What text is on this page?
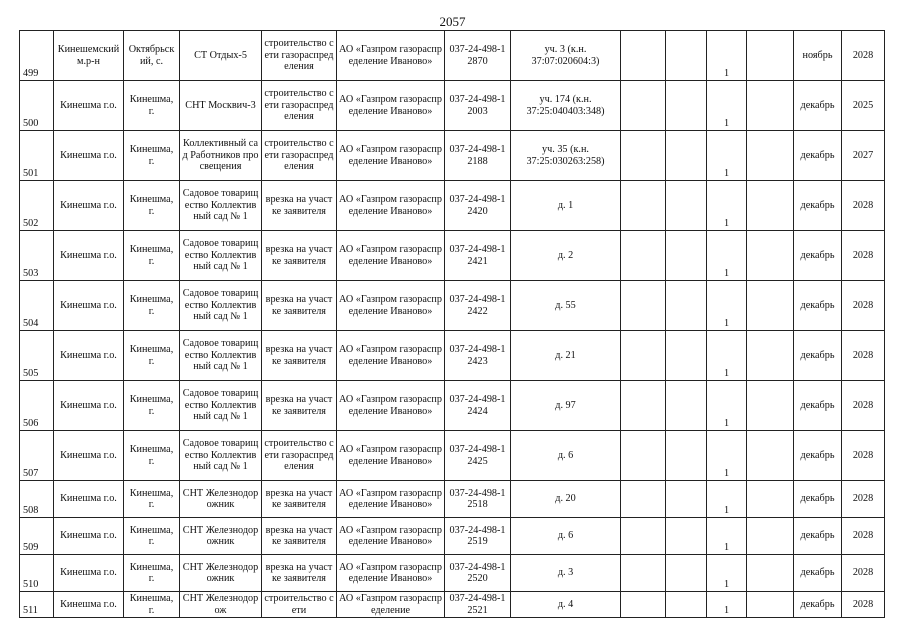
2057
499	Кинешемский м.р-н	Октябрьский, с.	СТ Отдых-5	строительство сети газораспределения	АО «Газпром газораспределение Иваново»	037-24-498-12870	уч. 3 (к.н. 37:07:020604:3)			1		ноябрь	2028
500	Кинешма г.о.	Кинешма, г.	СНТ Москвич-3	строительство сети газораспределения	АО «Газпром газораспределение Иваново»	037-24-498-12003	уч. 174 (к.н. 37:25:040403:348)			1		декабрь	2025
501	Кинешма г.о.	Кинешма, г.	Коллективный сад Работников просвещения	строительство сети газораспределения	АО «Газпром газораспределение Иваново»	037-24-498-12188	уч. 35 (к.н. 37:25:030263:258)			1		декабрь	2027
502	Кинешма г.о.	Кинешма, г.	Садовое товарищество Коллективный сад № 1	врезка на участке заявителя	АО «Газпром газораспределение Иваново»	037-24-498-12420	д. 1			1		декабрь	2028
503	Кинешма г.о.	Кинешма, г.	Садовое товарищество Коллективный сад № 1	врезка на участке заявителя	АО «Газпром газораспределение Иваново»	037-24-498-12421	д. 2			1		декабрь	2028
504	Кинешма г.о.	Кинешма, г.	Садовое товарищество Коллективный сад № 1	врезка на участке заявителя	АО «Газпром газораспределение Иваново»	037-24-498-12422	д. 55			1		декабрь	2028
505	Кинешма г.о.	Кинешма, г.	Садовое товарищество Коллективный сад № 1	врезка на участке заявителя	АО «Газпром газораспределение Иваново»	037-24-498-12423	д. 21			1		декабрь	2028
506	Кинешма г.о.	Кинешма, г.	Садовое товарищество Коллективный сад № 1	врезка на участке заявителя	АО «Газпром газораспределение Иваново»	037-24-498-12424	д. 97			1		декабрь	2028
507	Кинешма г.о.	Кинешма, г.	Садовое товарищество Коллективный сад № 1	строительство сети газораспределения	АО «Газпром газораспределение Иваново»	037-24-498-12425	д. 6			1		декабрь	2028
508	Кинешма г.о.	Кинешма, г.	СНТ Железнодорожник	врезка на участке заявителя	АО «Газпром газораспределение Иваново»	037-24-498-12518	д. 20			1		декабрь	2028
509	Кинешма г.о.	Кинешма, г.	СНТ Железнодорожник	врезка на участке заявителя	АО «Газпром газораспределение Иваново»	037-24-498-12519	д. 6			1		декабрь	2028
510	Кинешма г.о.	Кинешма, г.	СНТ Железнодорожник	врезка на участке заявителя	АО «Газпром газораспределение Иваново»	037-24-498-12520	д. 3			1		декабрь	2028
511	Кинешма г.о.	Кинешма, г.	СНТ Железнодорож	строительство сети	АО «Газпром газораспределение	037-24-498-12521	д. 4			1		декабрь	2028
